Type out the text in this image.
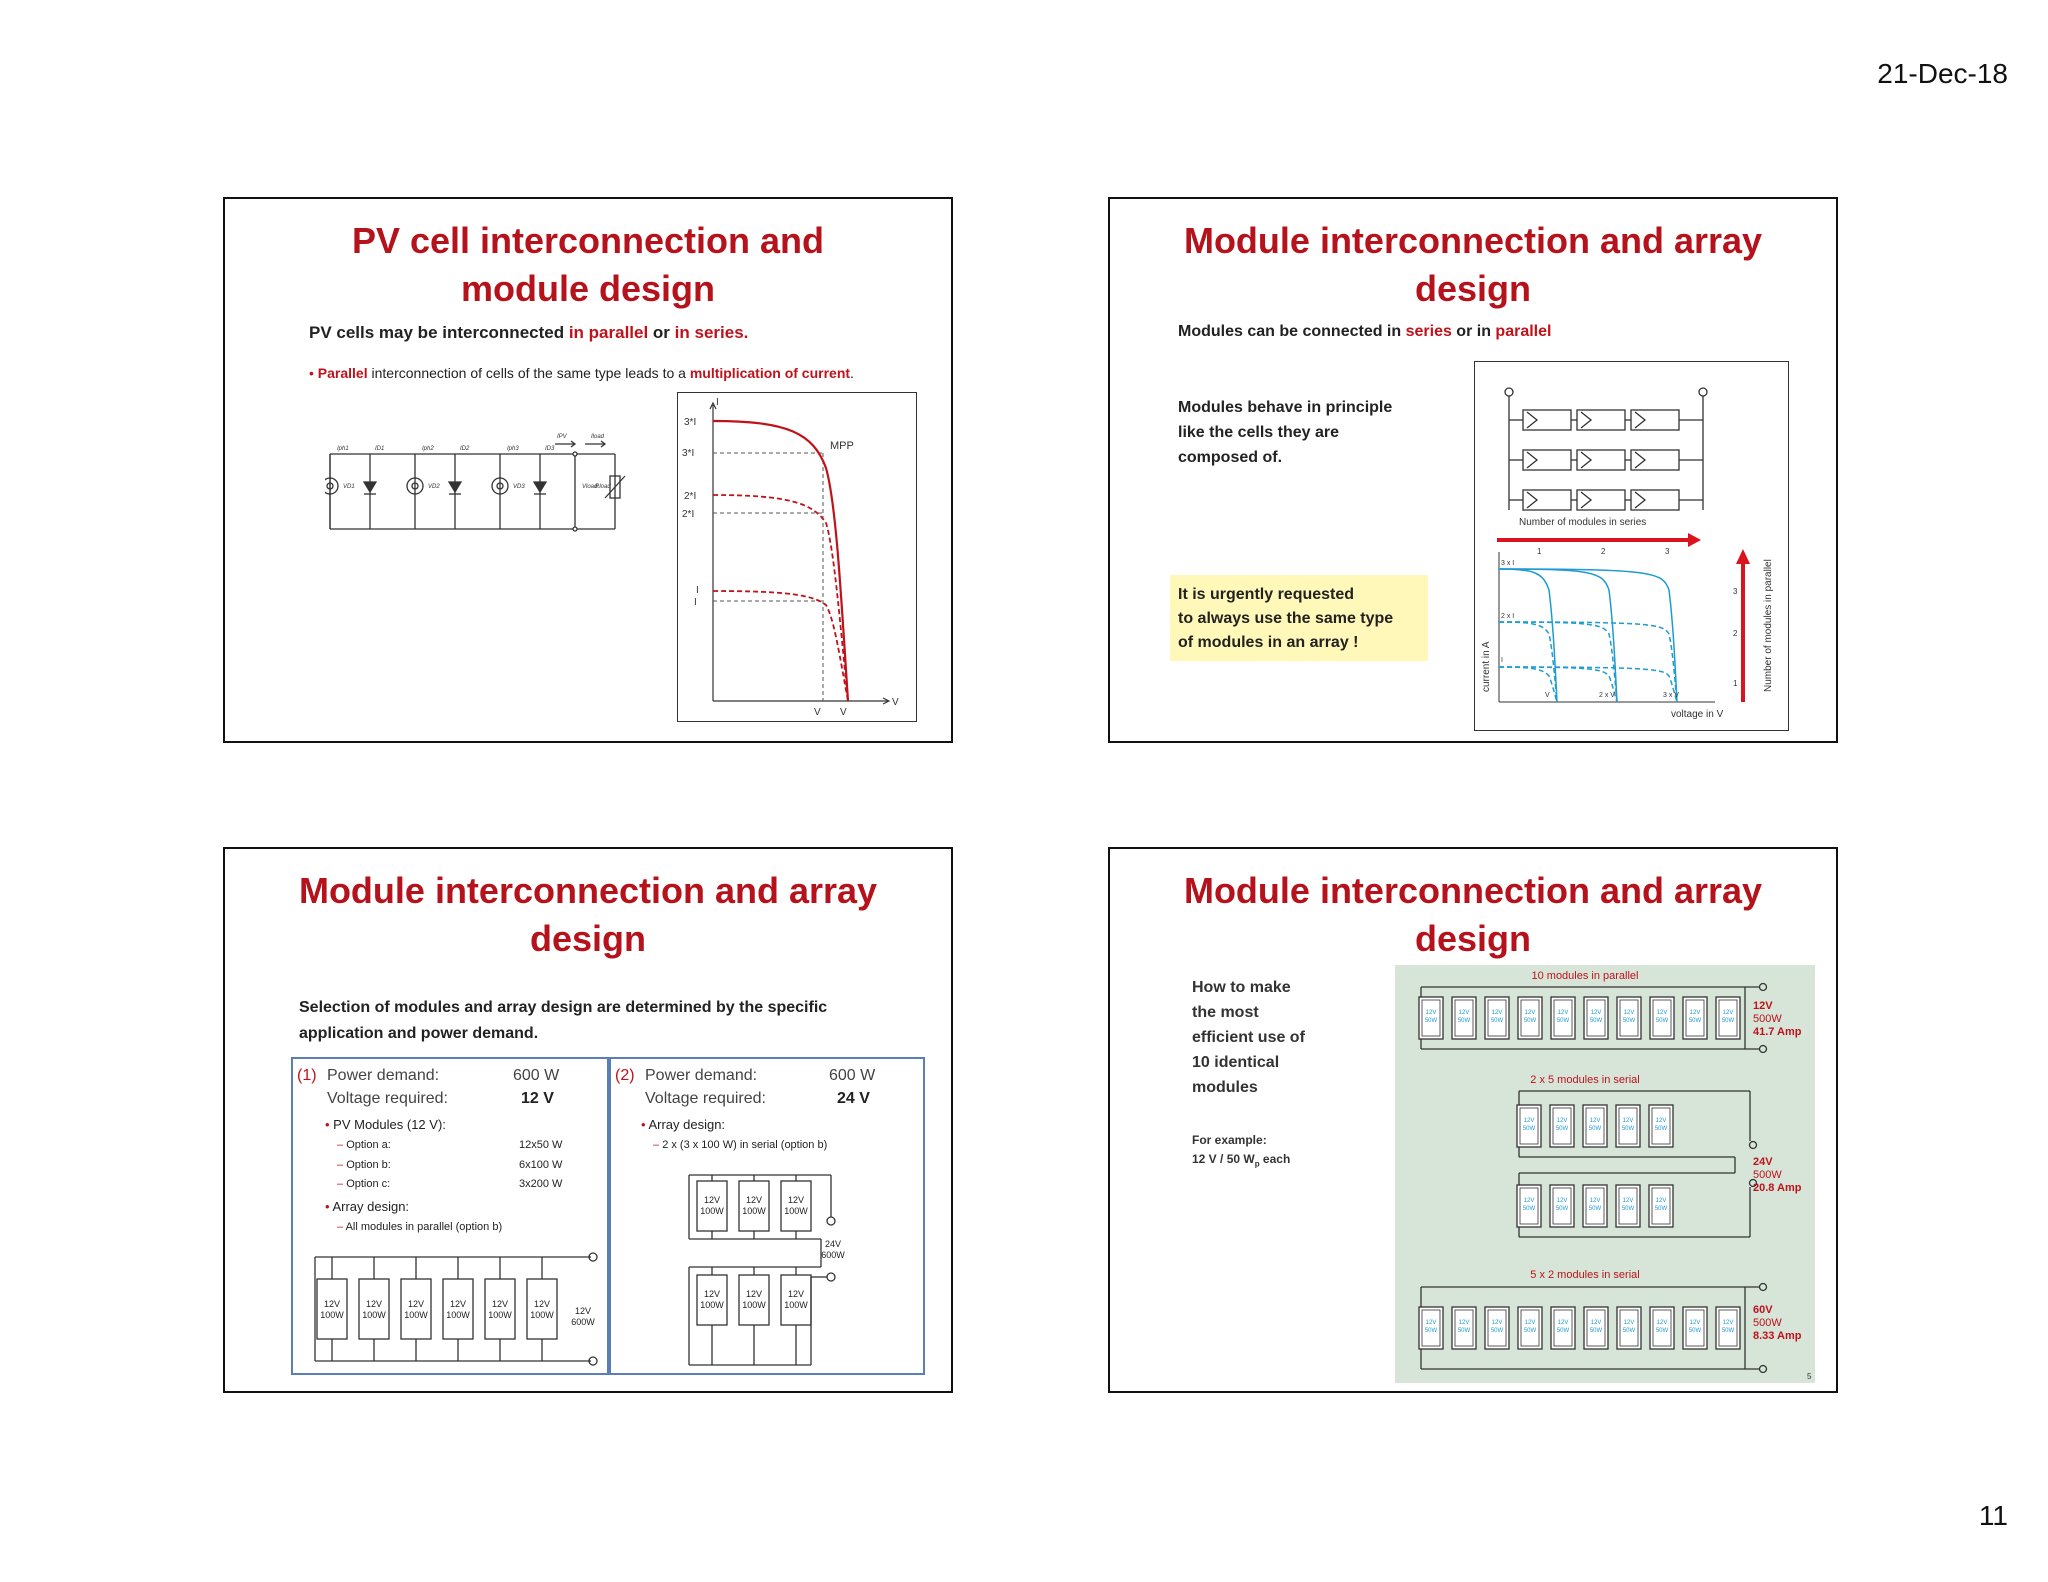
21-Dec-18
PV cell interconnection and module design
PV cells may be interconnected in parallel or in series.
• Parallel interconnection of cells of the same type leads to a multiplication of current.
Iph1	ID1	Iph2	ID2	Iph3	ID3
IPV	Iload
VD1	VD2	VD3	Vload
Rload
I
V
MPP
3*I
3*I
2*I
2*I
I
I
V V
Module interconnection and array design
Modules can be connected in series or in parallel
Modules behave in principle
like the cells they are
composed of.
It is urgently requested
to always use the same type
of modules in an array !
Number of modules in series
1	2	3
1
2
3	Number of modules in parallel
current in A
3 x I
2 x I
I
V	2 x V	3 x V
voltage in V
Module interconnection and array design
Selection of modules and array design are determined by the specific
application and power demand.
(1) Power demand:	600 W
Voltage required:	12 V
• PV Modules (12 V):
– Option a:	12x50 W
– Option b:	6x100 W
– Option c:	3x200 W
• Array design:
– All modules in parallel (option b)
12V
100W
12V
100W
12V
100W
12V
100W
12V
100W
12V
100W 12V
600W
(2) Power demand:	600 W
Voltage required:	24 V
• Array design:
– 2 x (3 x 100 W) in serial (option b)
12V
100W
12V
100W
12V
100W
12V
100W
12V
100W
12V
100W
24V
600W
Module interconnection and array design
How to make
the most
efficient use of
10 identical
modules
For example:
12 V / 50 $W_p$ each
10 modules in parallel
2 x 5 modules in serial
5 x 2 modules in serial
12V
50W
12V
50W
12V
50W
12V
50W
12V
50W
12V
50W
12V
50W
12V
50W
12V
50W
12V
50W
12V
50W
12V
50W
12V
50W
12V
50W
12V
50W
12V
50W
12V
50W
12V
50W
12V
50W
12V
50W
12V
50W
12V
50W
12V
50W
12V
50W
12V
50W
12V
50W
12V
50W
12V
50W
12V
50W
12V
50W
12V
500W
41.7 Amp
24V
500W
20.8 Amp
60V
500W
8.33 Amp
5
11
